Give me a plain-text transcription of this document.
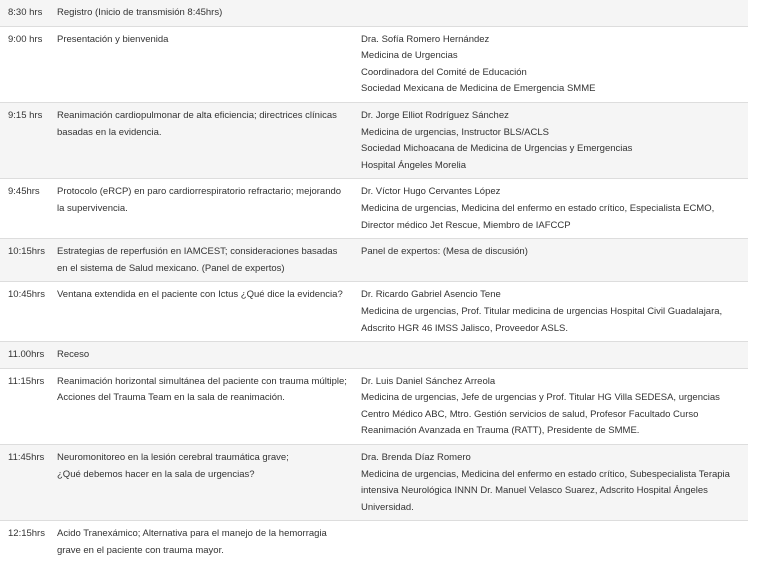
8:30 hrs	Registro (Inicio de transmisión 8:45hrs)	

9:00 hrs	Presentación y bienvenida	Dra. Sofía Romero Hernández
Medicina de Urgencias
Coordinadora del Comité de Educación
Sociedad Mexicana de Medicina de Emergencia SMME

9:15 hrs	Reanimación cardiopulmonar de alta eficiencia; directrices clínicas
basadas en la evidencia.	Dr. Jorge Elliot Rodríguez Sánchez
Medicina de urgencias, Instructor BLS/ACLS
Sociedad Michoacana de Medicina de Urgencias y Emergencias
Hospital Ángeles Morelia

9:45hrs	Protocolo (eRCP) en paro cardiorrespiratorio refractario; mejorando
la supervivencia.	Dr. Víctor Hugo Cervantes López
Medicina de urgencias, Medicina del enfermo en estado crítico, Especialista ECMO,
Director médico Jet Rescue, Miembro de IAFCCP

10:15hrs	Estrategias de reperfusión en IAMCEST; consideraciones basadas
en el sistema de Salud mexicano. (Panel de expertos)	Panel de expertos: (Mesa de discusión)

10:45hrs	Ventana extendida en el paciente con Ictus ¿Qué dice la evidencia?	Dr. Ricardo Gabriel Asencio Tene
Medicina de urgencias, Prof. Titular medicina de urgencias Hospital Civil Guadalajara,
Adscrito HGR 46 IMSS Jalisco, Proveedor ASLS.

11.00hrs	Receso	

11:15hrs	Reanimación horizontal simultánea del paciente con trauma múltiple;
Acciones del Trauma Team en la sala de reanimación.	Dr. Luis Daniel Sánchez Arreola
Medicina de urgencias, Jefe de urgencias y Prof. Titular HG Villa SEDESA, urgencias
Centro Médico ABC, Mtro. Gestión servicios de salud, Profesor Facultado Curso
Reanimación Avanzada en Trauma (RATT), Presidente de SMME.

11:45hrs	Neuromonitoreo en la lesión cerebral traumática grave;
¿Qué debemos hacer en la sala de urgencias?	Dra. Brenda Díaz Romero
Medicina de urgencias, Medicina del enfermo en estado crítico, Subespecialista Terapia
intensiva Neurológica INNN Dr. Manuel Velasco Suarez, Adscrito Hospital Ángeles
Universidad.

12:15hrs	Acido Tranexámico; Alternativa para el manejo de la hemorragia
grave en el paciente con trauma mayor.	
